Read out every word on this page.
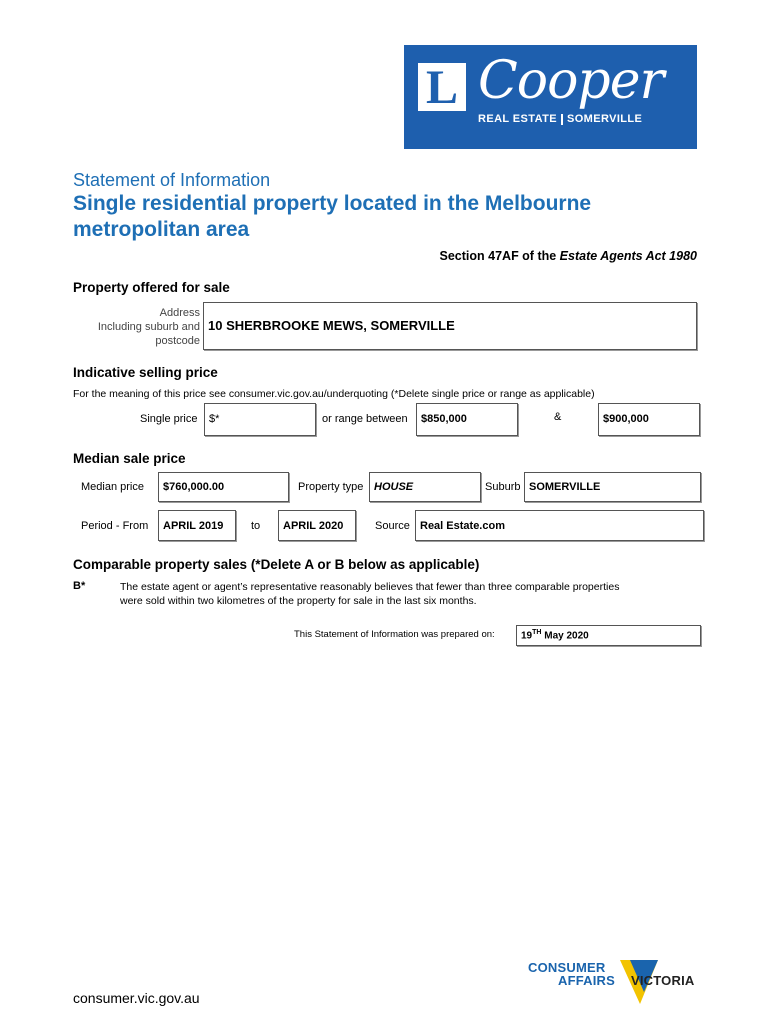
L Cooper
REAL ESTATE SOMERVILLE
Statement of Information
Single residential property located in the Melbourne metropolitan area
Section 47AF of the Estate Agents Act 1980
Property offered for sale
Address
Including suburb and
postcode
10 SHERBROOKE MEWS, SOMERVILLE
Indicative selling price
For the meaning of this price see consumer.vic.gov.au/underquoting (*Delete single price or range as applicable)
Single price $*	or range between $850,000	&	$900,000
Median sale price
Median price $760,000.00	Property type HOUSE	Suburb SOMERVILLE
Period - From APRIL 2019	to APRIL 2020	Source Real Estate.com
Comparable property sales (*Delete A or B below as applicable)
B*	The estate agent or agent’s representative reasonably believes that fewer than three comparable properties
were sold within two kilometres of the property for sale in the last six months.
This Statement of Information was prepared on:	19TH May 2020
consumer.vic.gov.au
CONSUMER
AFFAIRS VICTORIA
